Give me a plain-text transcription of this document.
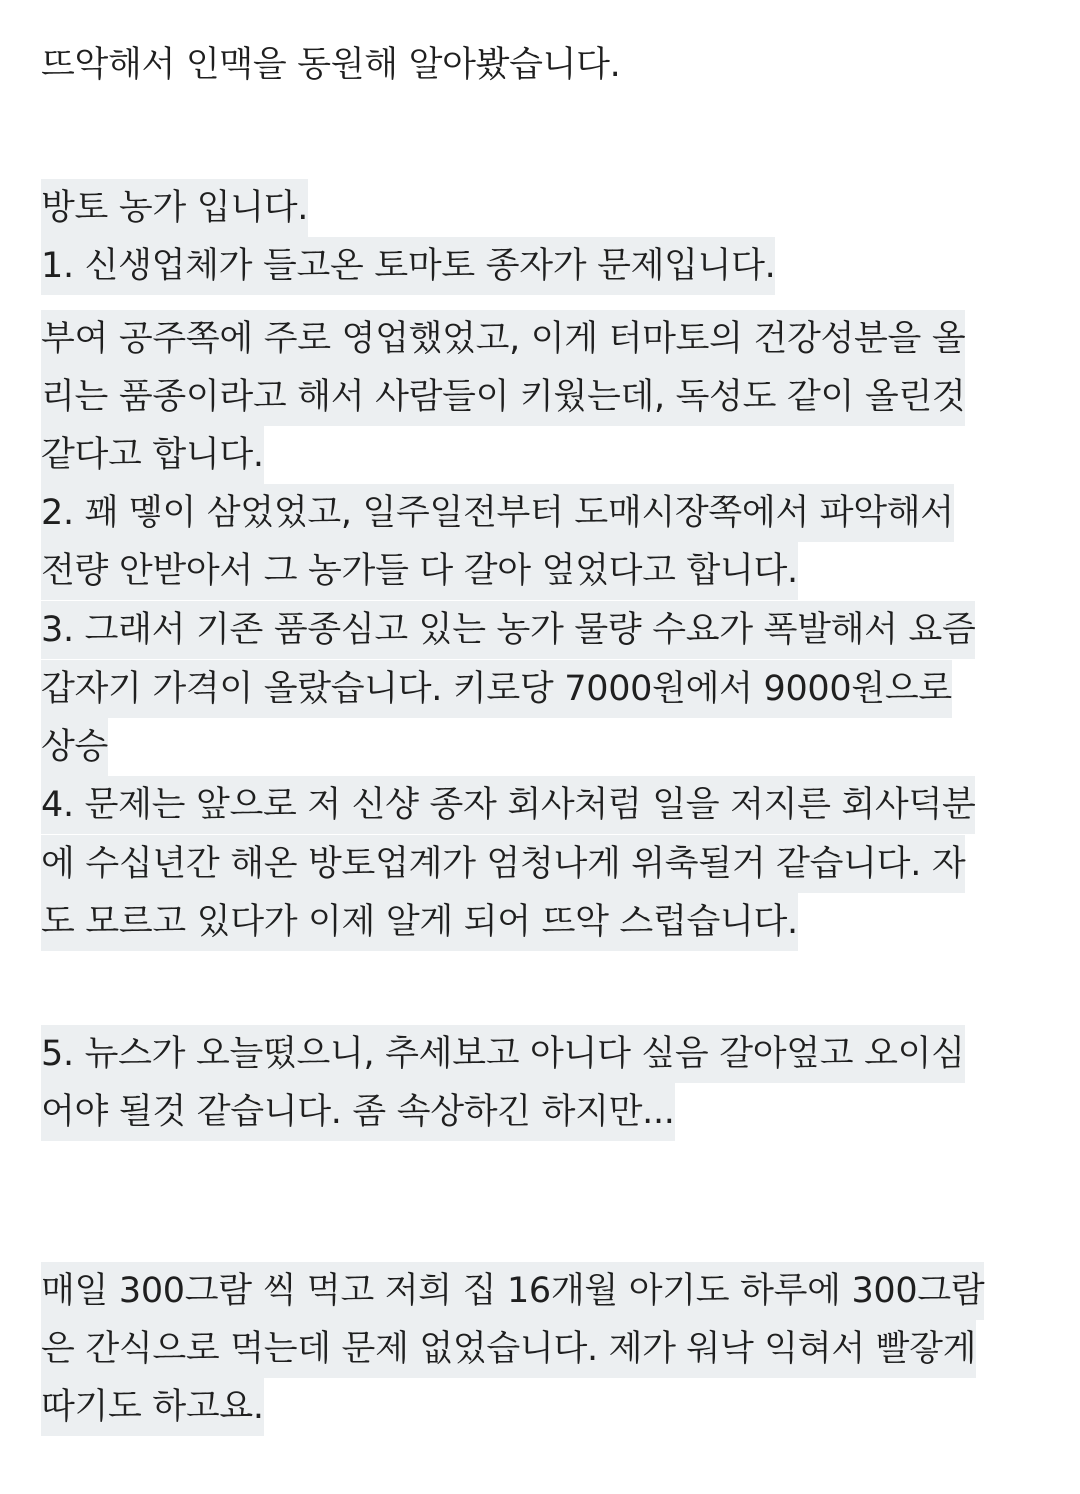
뜨악해서 인맥을 동원해 알아봤습니다.
방토 농가 입니다.
1. 신생업체가 들고온 토마토 종자가 문제입니다.
부여 공주쪽에 주로 영업했었고, 이게 터마토의 건강성분을 올
리는 품종이라고 해서 사람들이 키웠는데, 독성도 같이 올린것
같다고 합니다.
2. 꽤 멯이 삼었었고, 일주일전부터 도매시장쪽에서 파악해서
전량 안받아서 그 농가들 다 갈아 엎었다고 합니다.
3. 그래서 기존 품종심고 있는 농가 물량 수요가 폭발해서 요즘
갑자기 가격이 올랐습니다. 키로당 7000원에서 9000원으로
상승
4. 문제는 앞으로 저 신샹 종자 회사처럼 일을 저지른 회사덕분
에 수십년간 해온 방토업계가 엄청나게 위축될거 같습니다. 자
도 모르고 있다가 이제 알게 되어 뜨악 스럽습니다.
5. 뉴스가 오늘떴으니, 추세보고 아니다 싶음 갈아엎고 오이심
어야 될것 같습니다. 좀 속상하긴 하지만...
매일 300그람 씩 먹고 저희 집 16개월 아기도 하루에 300그람
은 간식으로 먹는데 문제 없었습니다. 제가 워낙 익혀서 빨갛게
따기도 하고요.
